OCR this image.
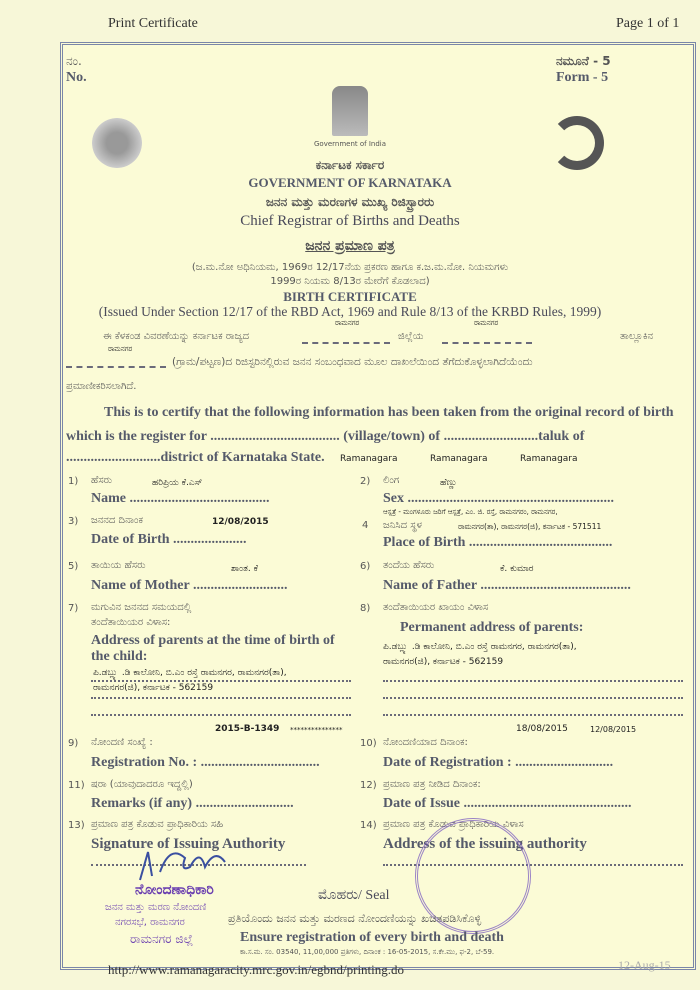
Print Certificate	Page 1 of 1
ನಂ.
No.
ನಮೂನೆ - 5
Form - 5
Government of India
ಕರ್ನಾಟಕ ಸರ್ಕಾರ
GOVERNMENT OF KARNATAKA
ಜನನ ಮತ್ತು ಮರಣಗಳ ಮುಖ್ಯ ರಿಜಿಸ್ಟ್ರಾರರು
Chief Registrar of Births and Deaths
ಜನನ ಪ್ರಮಾಣ ಪತ್ರ
(ಜ.ಮ.ನೋ ಅಧಿನಿಯಮ, 1969ರ 12/17ನೆಯ ಪ್ರಕರಣ ಹಾಗೂ ಕ.ಜ.ಮ.ನೋ. ನಿಯಮಗಳು
1999ರ ನಿಯಮ 8/13ರ ಮೇರೆಗೆ ಕೊಡಲಾದ)
BIRTH CERTIFICATE
(Issued Under Section 12/17 of the RBD Act, 1969 and Rule 8/13 of the KRBD Rules, 1999)
ಈ ಕೆಳಕಂಡ ವಿವರಣೆಯನ್ನು ಕರ್ನಾಟಕ ರಾಜ್ಯದ
ರಾಮನಗರ
ಜಿಲ್ಲೆಯ
ರಾಮನಗರ
ತಾಲ್ಲೂಕಿನ
ರಾಮನಗರ
(ಗ್ರಾಮ/ಪಟ್ಟಣ)ದ ರಿಜಿಸ್ಟರಿನಲ್ಲಿರುವ ಜನನ ಸಂಬಂಧವಾದ ಮೂಲ ದಾಖಲೆಯಿಂದ ತೆಗೆದುಕೊಳ್ಳಲಾಗಿದೆಯೆಂದು
ಪ್ರಮಾಣೀಕರಿಸಲಾಗಿದೆ.
This is to certify that the following information has been taken from the original record of birth
which is the register for ..................................... (village/town) of ...........................taluk of
...........................district of Karnataka State. Ramanagara	Ramanagara	Ramanagara
1) ಹೆಸರು	ಹರಿಪ್ರಿಯ ಕೆ.ಎಸ್
Name ........................................
3) ಜನನದ ದಿನಾಂಕ	12/08/2015
Date of Birth .....................
5) ತಾಯಿಯ ಹೆಸರು	ಶಾಂತ. ಕೆ
Name of Mother ...........................
7) ಮಗುವಿನ ಜನನದ ಸಮಯದಲ್ಲಿ
ತಂದೆತಾಯಿಯರ ವಿಳಾಸ:
Address of parents at the time of birth of
the child:
ಪಿ.ಡಬ್ಲ್ಯು .ಡಿ ಕಾಲೋನಿ, ಬಿ.ಎಂ ರಸ್ತೆ ರಾಮನಗರ, ರಾಮನಗರ(ತಾ),
ರಾಮನಗರ(ಜಿ), ಕರ್ನಾಟಕ - 562159
2015-B-1349 ***************
9) ನೋಂದಣಿ ಸಂಖ್ಯೆ :
Registration No. : ..................................
11) ಷರಾ (ಯಾವುದಾದರೂ ಇದ್ದಲ್ಲಿ)
Remarks (if any) ............................
13) ಪ್ರಮಾಣ ಪತ್ರ ಕೊಡುವ ಪ್ರಾಧಿಕಾರಿಯ ಸಹಿ
Signature of Issuing Authority
ನೋಂದಣಾಧಿಕಾರಿ
ಜನನ ಮತ್ತು ಮರಣ ನೋಂದಣಿ
ನಗರಸಭೆ, ರಾಮನಗರ
ರಾಮನಗರ ಜಿಲ್ಲೆ
2) ಲಿಂಗ	ಹೆಣ್ಣು
Sex ...........................................................
ಆಸ್ಪತ್ರೆ - ಮಂಗಳೂರು ಜರಿಗೆ ಆಸ್ಪತ್ರೆ, ಎಂ. ಜಿ. ರಸ್ತೆ, ರಾಮನಗರಂ, ರಾಮನಗರ,
4 ಜನಿಸಿದ ಸ್ಥಳ	ರಾಮನಗರ(ತಾ), ರಾಮನಗರ(ಜಿ), ಕರ್ನಾಟಕ - 571511
Place of Birth .........................................
6) ತಂದೆಯ ಹೆಸರು	ಕೆ. ಕುಮಾರ
Name of Father ...........................................
8) ತಂದೆತಾಯಿಯರ ಖಾಯಂ ವಿಳಾಸ
Permanent address of parents:
ಪಿ.ಡಬ್ಲ್ಯು .ಡಿ ಕಾಲೋನಿ, ಬಿ.ಎಂ ರಸ್ತೆ ರಾಮನಗರ, ರಾಮನಗರ(ತಾ),
ರಾಮನಗರ(ಜಿ), ಕರ್ನಾಟಕ - 562159
18/08/2015	12/08/2015
10) ನೋಂದಣಿಯಾದ ದಿನಾಂಕ:
Date of Registration : ............................
12) ಪ್ರಮಾಣ ಪತ್ರ ನೀಡಿದ ದಿನಾಂಕ:
Date of Issue ................................................
14) ಪ್ರಮಾಣ ಪತ್ರ ಕೊಡುವ ಪ್ರಾಧಿಕಾರಿಯ ವಿಳಾಸ
Address of the issuing authority
ಮೊಹರು/ Seal
ಪ್ರತಿಯೊಂದು ಜನನ ಮತ್ತು ಮರಣದ ನೋಂದಣಿಯನ್ನು ಖಚಿತಪಡಿಸಿಕೊಳ್ಳಿ
Ensure registration of every birth and death
ಕಾ.ಸ.ಮ. ಸಂ. 03540, 11,00,000 ಪ್ರತಿಗಳು, ದಿನಾಂಕ : 16-05-2015, ಸ.ಕೇ.ಮು, ಫ-2, ಬೆ-59.
http://www.ramanagaracity.mrc.gov.in/egbnd/printing.do	12-Aug-15
